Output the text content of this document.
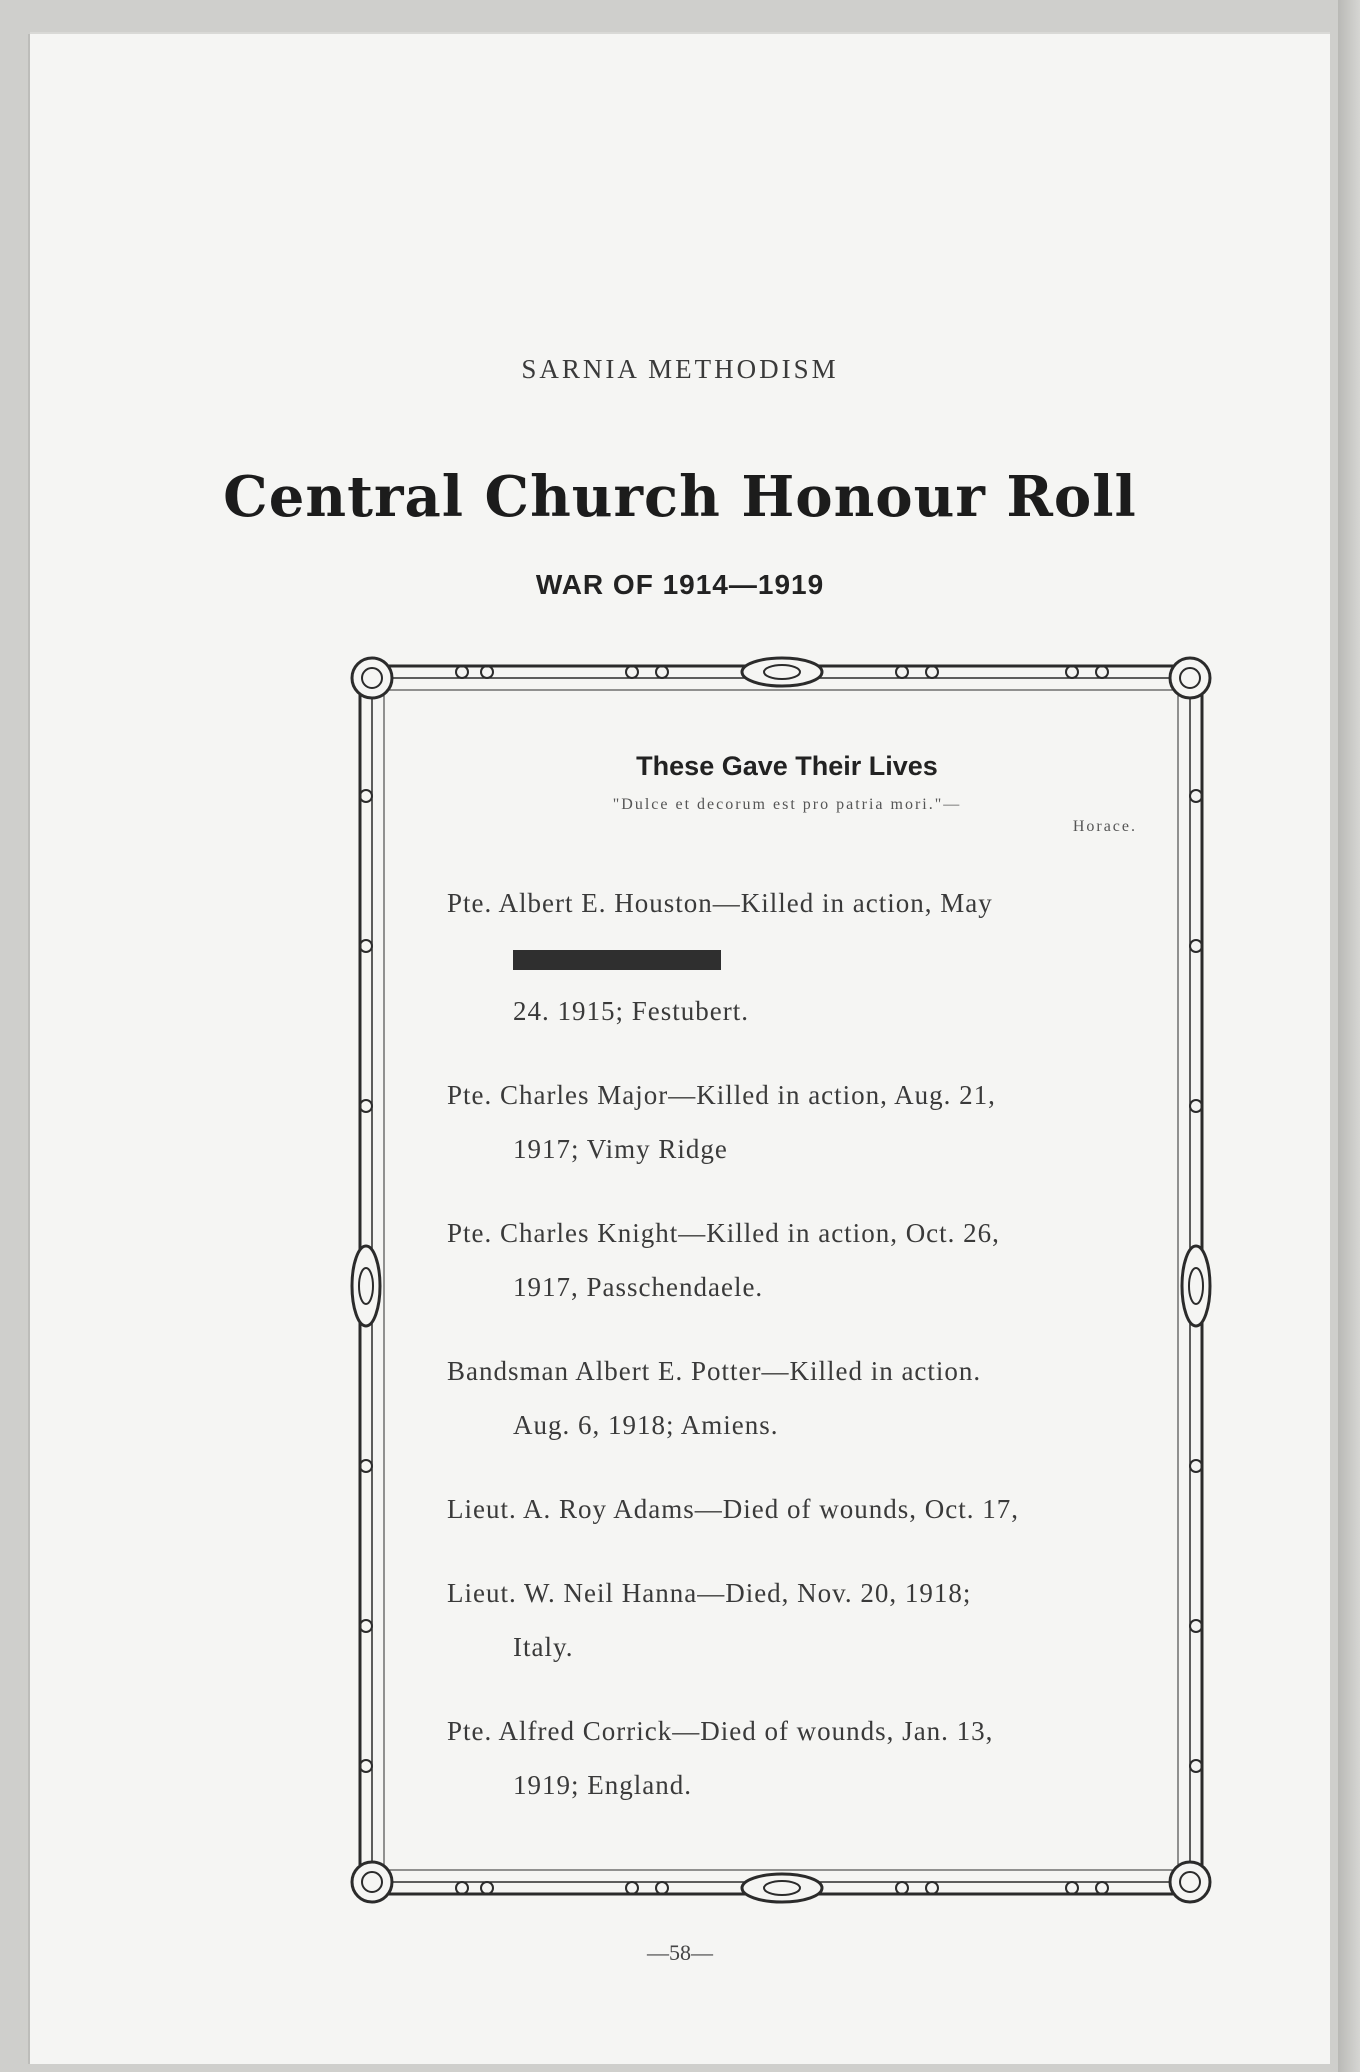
SARNIA METHODISM
Central Church Honour Roll
WAR OF 1914—1919
These Gave Their Lives
"Dulce et decorum est pro patria mori."—
Horace.
Pte. Albert E. Houston—Killed in action, May
24. 1915; Festubert.
Pte. Charles Major—Killed in action, Aug. 21,
1917; Vimy Ridge
Pte. Charles Knight—Killed in action, Oct. 26,
1917, Passchendaele.
Bandsman Albert E. Potter—Killed in action.
Aug. 6, 1918; Amiens.
Lieut. A. Roy Adams—Died of wounds, Oct. 17,
Lieut. W. Neil Hanna—Died, Nov. 20, 1918;
Italy.
Pte. Alfred Corrick—Died of wounds, Jan. 13,
1919; England.
—58—
